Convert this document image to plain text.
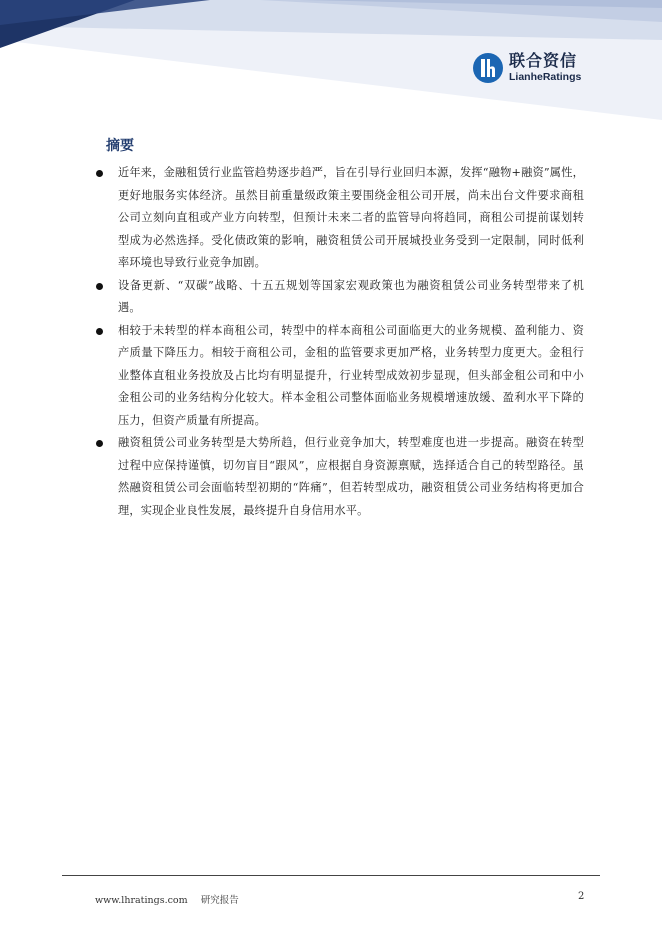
联合资信
LianheRatings
摘要

近年来，金融租赁行业监管趋势逐步趋严，旨在引导行业回归本源，发挥“融物+融资”属性，更好地服务实体经济。虽然目前重量级政策主要围绕金租公司开展，尚未出台文件要求商租公司立刻向直租或产业方向转型，但预计未来二者的监管导向将趋同，商租公司提前谋划转型成为必然选择。受化债政策的影响，融资租赁公司开展城投业务受到一定限制，同时低利率环境也导致行业竞争加剧。

设备更新、“双碳”战略、十五五规划等国家宏观政策也为融资租赁公司业务转型带来了机遇。

相较于未转型的样本商租公司，转型中的样本商租公司面临更大的业务规模、盈利能力、资产质量下降压力。相较于商租公司，金租的监管要求更加严格，业务转型力度更大。金租行业整体直租业务投放及占比均有明显提升，行业转型成效初步显现，但头部金租公司和中小金租公司的业务结构分化较大。样本金租公司整体面临业务规模增速放缓、盈利水平下降的压力，但资产质量有所提高。

融资租赁公司业务转型是大势所趋，但行业竞争加大，转型难度也进一步提高。融资在转型过程中应保持谨慎，切勿盲目“跟风”，应根据自身资源禀赋，选择适合自己的转型路径。虽然融资租赁公司会面临转型初期的“阵痛”，但若转型成功，融资租赁公司业务结构将更加合理，实现企业良性发展，最终提升自身信用水平。

www.lhratings.com 研究报告	2
